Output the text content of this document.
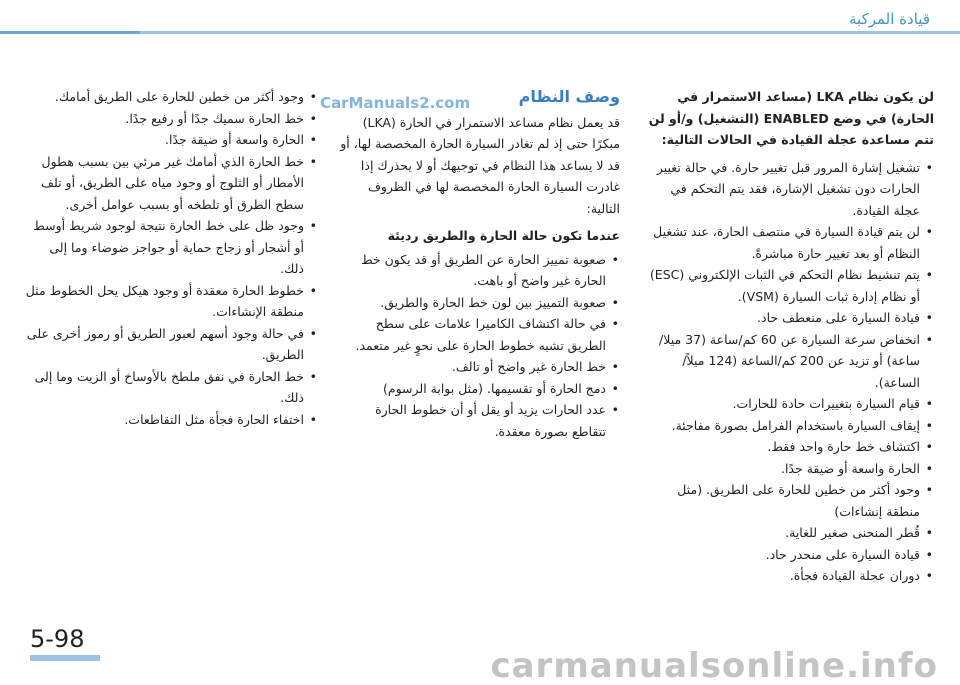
قيادة المركبة
CarManuals2.com	لن يكون نظام LKA (مساعد الاستمرار في الحارة) في وضع ENABLED (التشغيل) و/أو لن تتم مساعدة عجلة القيادة في الحالات التالية:

• تشغيل إشارة المرور قبل تغيير حارة. في حالة تغيير الحارات دون تشغيل الإشارة، فقد يتم التحكم في عجلة القيادة.
• لن يتم قيادة السيارة في منتصف الحارة، عند تشغيل النظام أو بعد تغيير حارة مباشرةً.
• يتم تنشيط نظام التحكم في الثبات الإلكتروني (ESC) أو نظام إدارة ثبات السيارة (VSM).
• قيادة السيارة على منعطف حاد.
• انخفاض سرعة السيارة عن 60 كم/ساعة (37 ميلا/ساعة) أو تزيد عن 200 كم/الساعة (124 ميلاً/الساعة).
• قيام السيارة بتغييرات حادة للحارات.
• إيقاف السيارة باستخدام الفرامل بصورة مفاجئة.
• اكتشاف خط حارة واحد فقط.
• الحارة واسعة أو ضيقة جدًا.
• وجود أكثر من خطين للحارة على الطريق. (مثل منطقة إنشاءات)
• قُطر المنحنى صغير للغاية.
• قيادة السيارة على منحدر حاد.
• دوران عجلة القيادة فجأة.
وصف النظام

قد يعمل نظام مساعد الاستمرار في الحارة (LKA) مبكرًا حتى إذ لم تغادر السيارة الحارة المخصصة لها، أو قد لا يساعد هذا النظام في توجيهك أو لا يحذرك إذا غادرت السيارة الحارة المخصصة لها في الظروف التالية:

عندما تكون حالة الحارة والطريق رديئة

• صعوبة تمييز الحارة عن الطريق أو قد يكون خط الحارة غير واضح أو باهت.
• صعوبة التمييز بين لون خط الحارة والطريق.
• في حالة اكتشاف الكاميرا علامات على سطح الطريق تشبه خطوط الحارة على نحوٍ غير متعمد.
• خط الحارة غير واضح أو تالف.
• دمج الحارة أو تقسيمها. (مثل بوابة الرسوم)
• عدد الحارات يزيد أو يقل أو أن خطوط الحارة تتقاطع بصورة معقدة.
• وجود أكثر من خطين للحارة على الطريق أمامك.
• خط الحارة سميك جدًا أو رفيع جدًا.
• الحارة واسعة أو ضيقة جدًا.
• خط الحارة الذي أمامك غير مرئي بين بسبب هطول الأمطار أو الثلوج أو وجود مياه على الطريق، أو تلف سطح الطرق أو تلطخه أو بسبب عوامل أخرى.
• وجود ظل على خط الحارة نتيجة لوجود شريط أوسط أو أشجار أو زجاج حماية أو جواجز ضوضاء وما إلى ذلك.
• خطوط الحارة معقدة أو وجود هيكل يحل الخطوط مثل منطقة الإنشاءات.
• في حالة وجود أسهم لعبور الطريق أو رموز أخرى على الطريق.
• خط الحارة في نفق ملطخ بالأوساخ أو الزيت وما إلى ذلك.
• اختفاء الحارة فجأة مثل التقاطعات.
5-98
carmanualsonline.info
